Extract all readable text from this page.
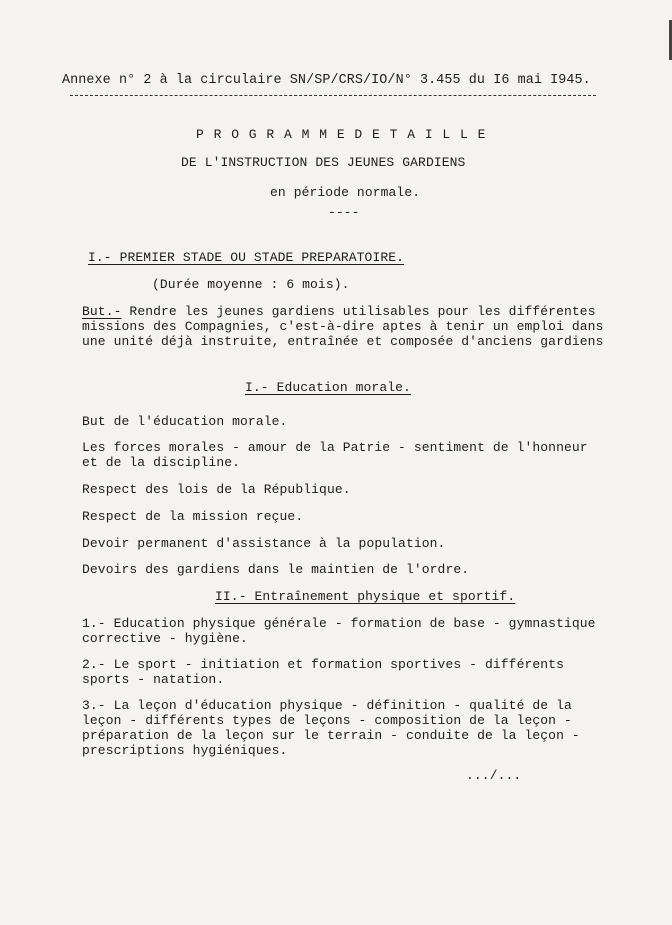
Annexe n° 2 à la circulaire SN/SP/CRS/IO/N° 3.455 du I6 mai I945.
P R O G R A M M E D E T A I L L E
DE L'INSTRUCTION DES JEUNES GARDIENS
en période normale.
----
I.- PREMIER STADE OU STADE PREPARATOIRE.
(Durée moyenne : 6 mois).
But.- Rendre les jeunes gardiens utilisables pour les différentes
missions des Compagnies, c'est-à-dire aptes à tenir un emploi dans
une unité déjà instruite, entraînée et composée d'anciens gardiens
I.- Education morale.
But de l'éducation morale.
Les forces morales - amour de la Patrie - sentiment de l'honneur
et de la discipline.
Respect des lois de la République.
Respect de la mission reçue.
Devoir permanent d'assistance à la population.
Devoirs des gardiens dans le maintien de l'ordre.
II.- Entraînement physique et sportif.
1.- Education physique générale - formation de base - gymnastique
corrective - hygiène.
2.- Le sport - initiation et formation sportives - différents
sports - natation.
3.- La leçon d'éducation physique - définition - qualité de la
leçon - différents types de leçons - composition de la leçon -
préparation de la leçon sur le terrain - conduite de la leçon -
prescriptions hygiéniques.
.../...
